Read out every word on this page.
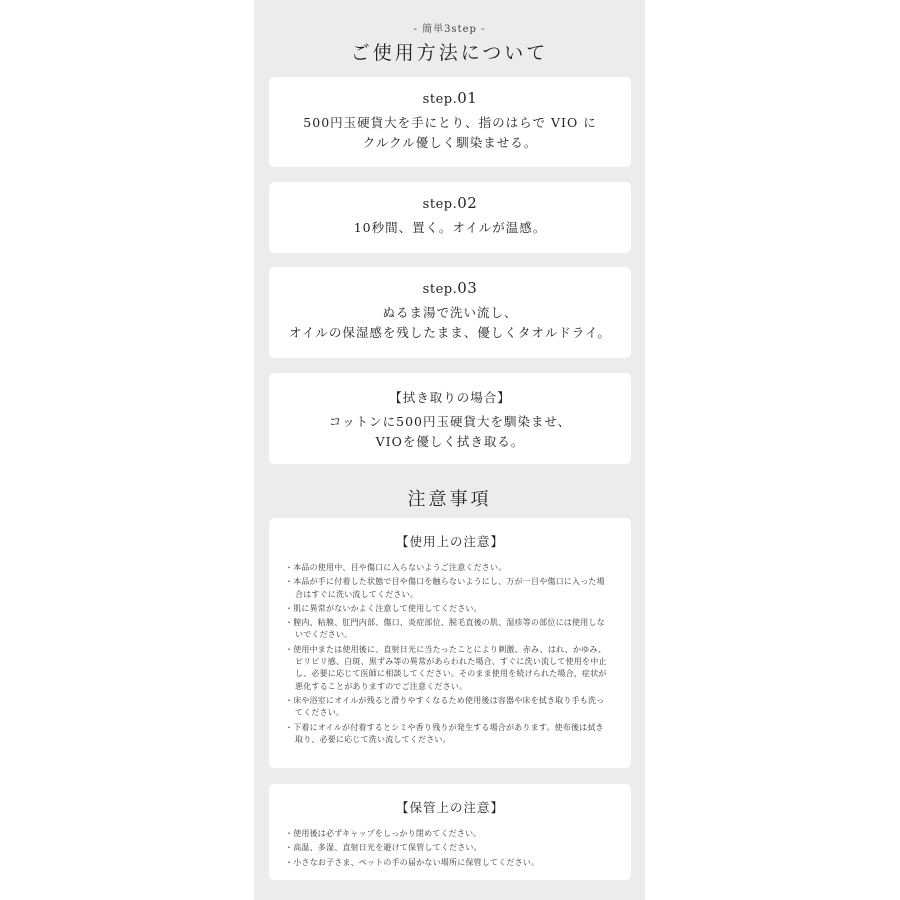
- 簡単3step -
ご使用方法について
step.01
500円玉硬貨大を手にとり、指のはらで VIO に
クルクル優しく馴染ませる。
step.02
10秒間、置く。オイルが温感。
step.03
ぬるま湯で洗い流し、
オイルの保湿感を残したまま、優しくタオルドライ。
【拭き取りの場合】
コットンに500円玉硬貨大を馴染ませ、
VIOを優しく拭き取る。
注意事項
【使用上の注意】
・本品の使用中、目や傷口に入らないようご注意ください。
・本品が手に付着した状態で目や傷口を触らないようにし、万が一目や傷口に入った場合はすぐに洗い流してください。
・肌に異常がないかよく注意して使用してください。
・膣内、粘膜、肛門内部、傷口、炎症部位、脱毛直後の肌、湿疹等の部位には使用しないでください。
・使用中または使用後に、直射日光に当たったことにより刺激、赤み、はれ、かゆみ、ピリピリ感、白斑、黒ずみ等の異常があらわれた場合、すぐに洗い流して使用を中止し、必要に応じて医師に相談してください。そのまま使用を続けられた場合、症状が悪化することがありますのでご注意ください。
・床や浴室にオイルが残ると滑りやすくなるため使用後は容器や床を拭き取り手も洗ってください。
・下着にオイルが付着するとシミや香り残りが発生する場合があります。使布後は拭き取り、必要に応じて洗い流してください。
【保管上の注意】
・使用後は必ずキャップをしっかり閉めてください。
・高温、多湿、直射日光を避けて保管してください。
・小さなお子さま、ペットの手の届かない場所に保管してください。
